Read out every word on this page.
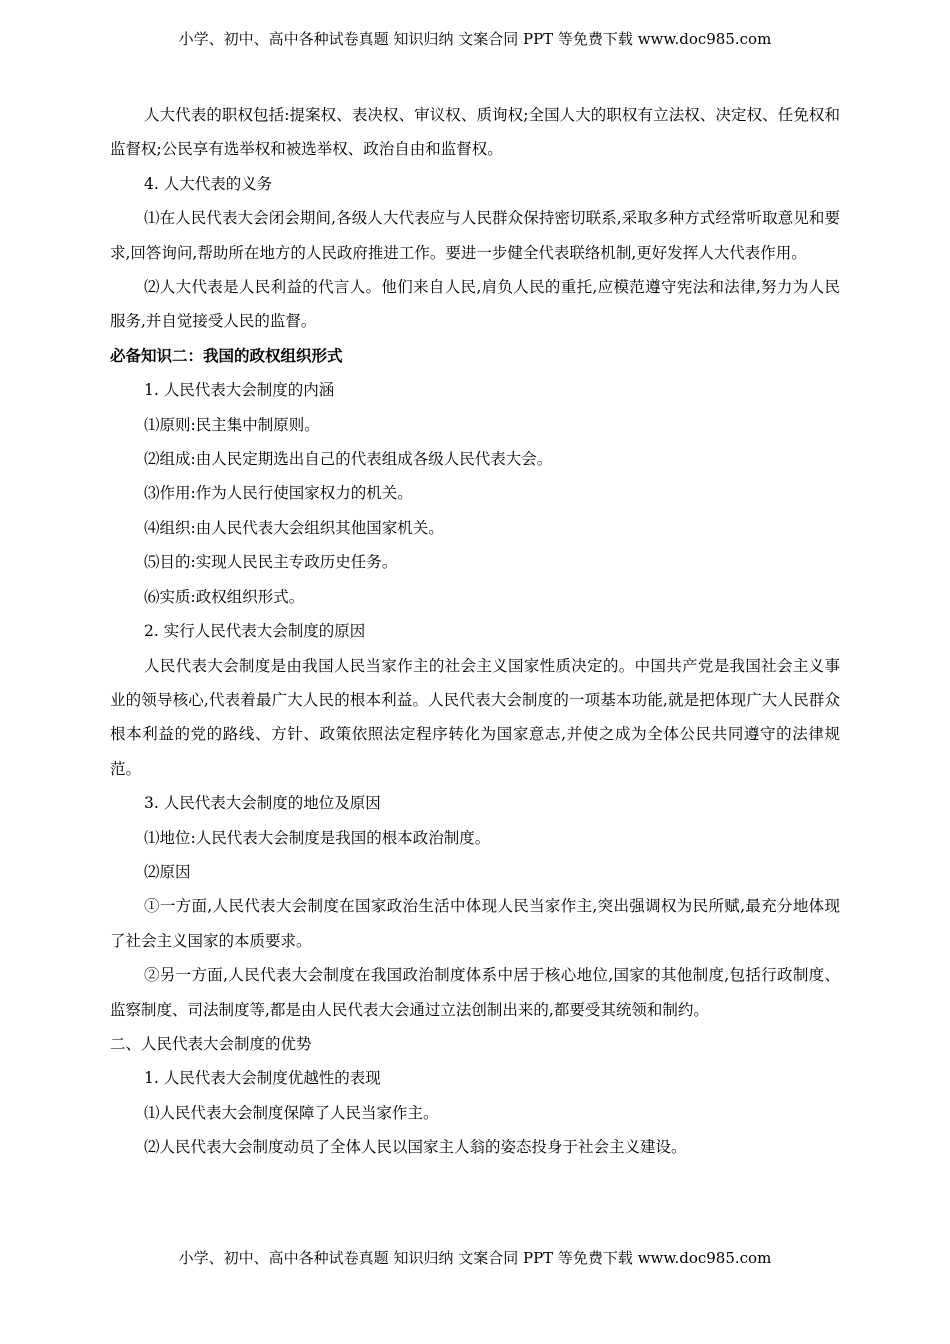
小学、初中、高中各种试卷真题 知识归纳 文案合同 PPT 等免费下载 www.doc985.com

人大代表的职权包括:提案权、表决权、审议权、质询权;全国人大的职权有立法权、决定权、任免权和监督权;公民享有选举权和被选举权、政治自由和监督权。

4. 人大代表的义务

⑴在人民代表大会闭会期间,各级人大代表应与人民群众保持密切联系,采取多种方式经常听取意见和要求,回答询问,帮助所在地方的人民政府推进工作。要进一步健全代表联络机制,更好发挥人大代表作用。

⑵人大代表是人民利益的代言人。他们来自人民,肩负人民的重托,应模范遵守宪法和法律,努力为人民服务,并自觉接受人民的监督。

必备知识二：我国的政权组织形式

1. 人民代表大会制度的内涵

⑴原则:民主集中制原则。

⑵组成:由人民定期选出自己的代表组成各级人民代表大会。

⑶作用:作为人民行使国家权力的机关。

⑷组织:由人民代表大会组织其他国家机关。

⑸目的:实现人民民主专政历史任务。

⑹实质:政权组织形式。

2. 实行人民代表大会制度的原因

人民代表大会制度是由我国人民当家作主的社会主义国家性质决定的。中国共产党是我国社会主义事业的领导核心,代表着最广大人民的根本利益。人民代表大会制度的一项基本功能,就是把体现广大人民群众根本利益的党的路线、方针、政策依照法定程序转化为国家意志,并使之成为全体公民共同遵守的法律规范。

3. 人民代表大会制度的地位及原因

⑴地位:人民代表大会制度是我国的根本政治制度。

⑵原因

①一方面,人民代表大会制度在国家政治生活中体现人民当家作主,突出强调权为民所赋,最充分地体现了社会主义国家的本质要求。

②另一方面,人民代表大会制度在我国政治制度体系中居于核心地位,国家的其他制度,包括行政制度、监察制度、司法制度等,都是由人民代表大会通过立法创制出来的,都要受其统领和制约。

二、人民代表大会制度的优势

1. 人民代表大会制度优越性的表现

⑴人民代表大会制度保障了人民当家作主。

⑵人民代表大会制度动员了全体人民以国家主人翁的姿态投身于社会主义建设。

小学、初中、高中各种试卷真题 知识归纳 文案合同 PPT 等免费下载 www.doc985.com
